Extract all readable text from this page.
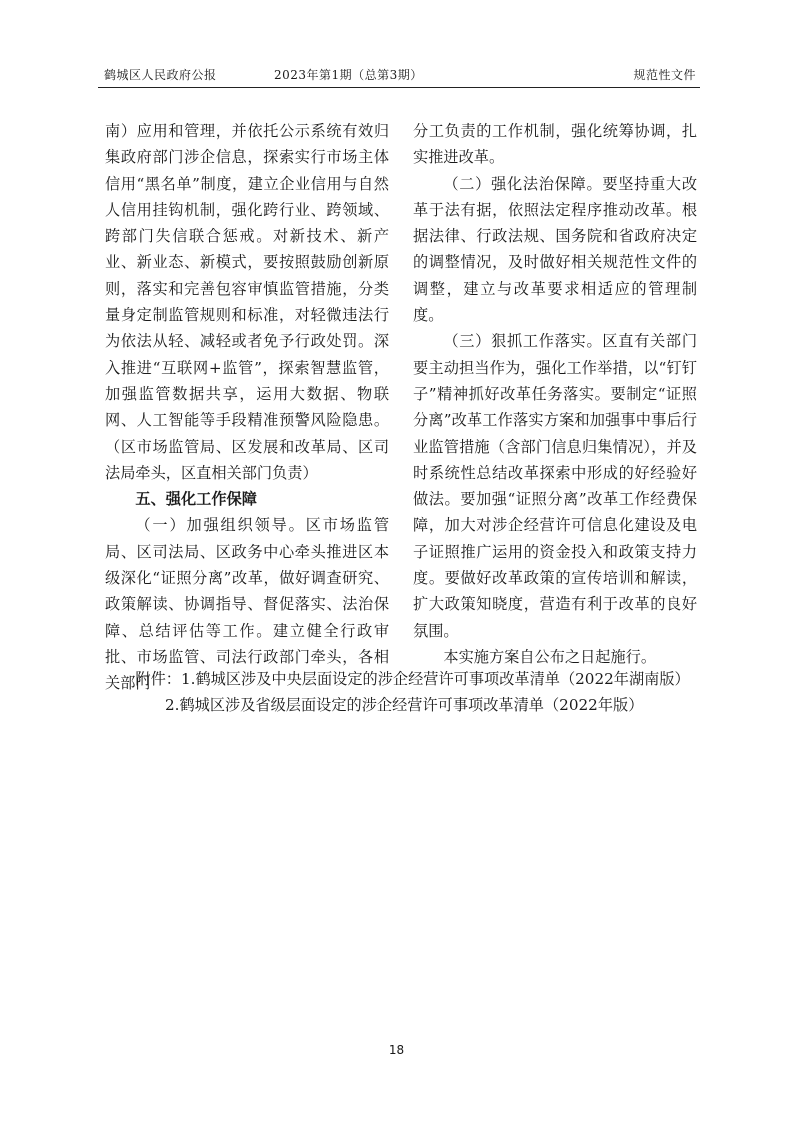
鹤城区人民政府公报	2023年第1期（总第3期）	规范性文件

南）应用和管理，并依托公示系统有效归集政府部门涉企信息，探索实行市场主体信用“黑名单”制度，建立企业信用与自然人信用挂钩机制，强化跨行业、跨领域、跨部门失信联合惩戒。对新技术、新产业、新业态、新模式，要按照鼓励创新原则，落实和完善包容审慎监管措施，分类量身定制监管规则和标准，对轻微违法行为依法从轻、减轻或者免予行政处罚。深入推进“互联网+监管”，探索智慧监管，加强监管数据共享，运用大数据、物联网、人工智能等手段精准预警风险隐患。（区市场监管局、区发展和改革局、区司法局牵头，区直相关部门负责）

五、强化工作保障

（一）加强组织领导。区市场监管局、区司法局、区政务中心牵头推进区本级深化“证照分离”改革，做好调查研究、政策解读、协调指导、督促落实、法治保障、总结评估等工作。建立健全行政审批、市场监管、司法行政部门牵头，各相关部门

分工负责的工作机制，强化统筹协调，扎实推进改革。

（二）强化法治保障。要坚持重大改革于法有据，依照法定程序推动改革。根据法律、行政法规、国务院和省政府决定的调整情况，及时做好相关规范性文件的调整，建立与改革要求相适应的管理制度。

（三）狠抓工作落实。区直有关部门要主动担当作为，强化工作举措，以“钉钉子”精神抓好改革任务落实。要制定“证照分离”改革工作落实方案和加强事中事后行业监管措施（含部门信息归集情况），并及时系统性总结改革探索中形成的好经验好做法。要加强“证照分离”改革工作经费保障，加大对涉企经营许可信息化建设及电子证照推广运用的资金投入和政策支持力度。要做好改革政策的宣传培训和解读，扩大政策知晓度，营造有利于改革的良好氛围。

本实施方案自公布之日起施行。

附件：1.鹤城区涉及中央层面设定的涉企经营许可事项改革清单（2022年湖南版）
2.鹤城区涉及省级层面设定的涉企经营许可事项改革清单（2022年版）
18
